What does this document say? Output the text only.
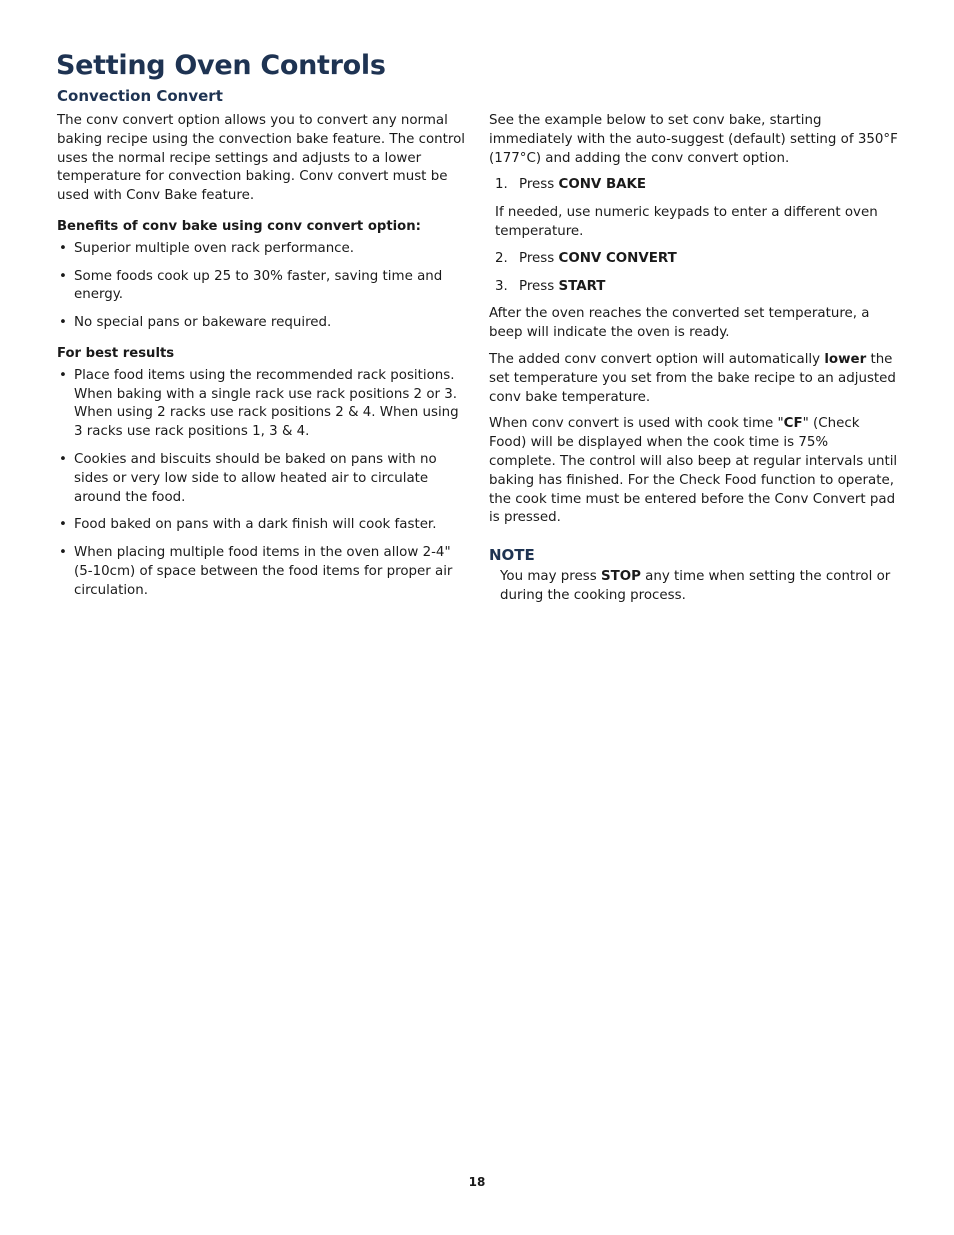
Setting Oven Controls
Convection Convert

The conv convert option allows you to convert any normal baking recipe using the convection bake feature. The control uses the normal recipe settings and adjusts to a lower temperature for convection baking. Conv convert must be used with Conv Bake feature.

Benefits of conv bake using conv convert option:
• Superior multiple oven rack performance.
• Some foods cook up 25 to 30% faster, saving time and energy.
• No special pans or bakeware required.
For best results
• Place food items using the recommended rack positions. When baking with a single rack use rack positions 2 or 3. When using 2 racks use rack positions 2 & 4. When using 3 racks use rack positions 1, 3 & 4.
• Cookies and biscuits should be baked on pans with no sides or very low side to allow heated air to circulate around the food.
• Food baked on pans with a dark finish will cook faster.
• When placing multiple food items in the oven allow 2-4" (5-10cm) of space between the food items for proper air circulation.

See the example below to set conv bake, starting immediately with the auto-suggest (default) setting of 350°F (177°C) and adding the conv convert option.

1. Press CONV BAKE

If needed, use numeric keypads to enter a different oven temperature.

2. Press CONV CONVERT
3. Press START

After the oven reaches the converted set temperature, a beep will indicate the oven is ready.

The added conv convert option will automatically lower the set temperature you set from the bake recipe to an adjusted conv bake temperature.

When conv convert is used with cook time "CF" (Check Food) will be displayed when the cook time is 75% complete. The control will also beep at regular intervals until baking has finished. For the Check Food function to operate, the cook time must be entered before the Conv Convert pad is pressed.

NOTE

You may press STOP any time when setting the control or during the cooking process.

18
